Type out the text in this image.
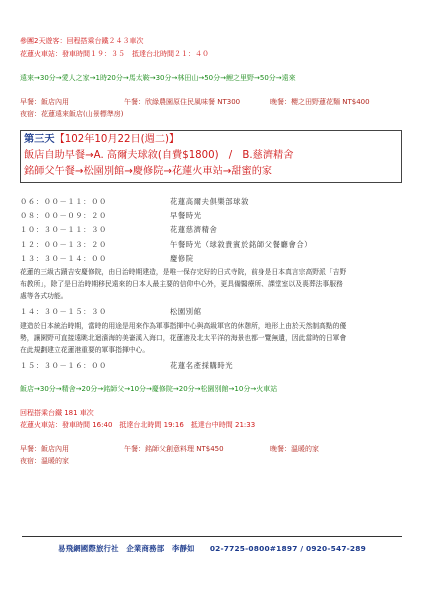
參團2天遊客：回程搭乘台鐵２４３車次
花蓮火車站：發車時間１９：３５　抵達台北時間２１：４０
遠來→30分→愛人之家→1時20分→馬太鞍→30分→林田山→50分→鯉之里野→50分→遠來
早餐：飯店內用	午餐：欣綠農園原住民風味餐 NT300	晚餐：櫻之田野蓮花麵 NT$400
夜宿：花蓮遠來飯店(山景標準房)
第三天【102年10月22日(週二)】
飯店自助早餐→A. 高爾夫球敘(自費$1800)　/　B.慈濟精舍
銘師父午餐→松園別館→慶修院→花蓮火車站→甜蜜的家
０６：００－１１：００	花蓮高爾夫俱樂部球敘
０８：００－０９：２０	早餐時光
１０：３０－１１：３０	花蓮慈濟精舍
１２：００－１３：２０	午餐時光（球敘貴賓於銘師父餐廳會合）
１３：３０－１４：００	慶修院
花蓮的三級古蹟吉安慶修院，由日治時期建造，是唯一保存完好的日式寺院，前身是日本真言宗高野派「吉野
布教所」，除了是日治時期移民遠來的日本人最主要的信仰中心外，更具備醫療所、課堂室以及喪葬法事服務
處等各式功能。
１４：３０－１５：３０	松園別館
建造於日本統治時期，當時的用途是用來作為軍事指揮中心與高級軍官的休憩所，地形上由於天然制高點的優
勢，讓園野可直接遠眺北迴濱海的美崙溪入海口，花蓮港及北太平洋的海景也都一覽無遺，因此當時的日軍會
在此規劃建立花蓮港重要的軍事指揮中心。
１５：３０－１６：００	花蓮名產採購時光
飯店→30分→精舍→20分→銘師父→10分→慶修院→20分→松園別館→10分→火車站
回程搭乘台鐵 181 車次
花蓮火車站：發車時間 16:40　抵達台北時間 19:16　抵達台中時間 21:33
早餐：飯店內用	午餐：銘師父創意料理 NT$450	晚餐：溫暖的家
夜宿：溫暖的家
易飛網國際旅行社　企業商務部　李靜如　　02-7725-0800#1897 / 0920-547-289
